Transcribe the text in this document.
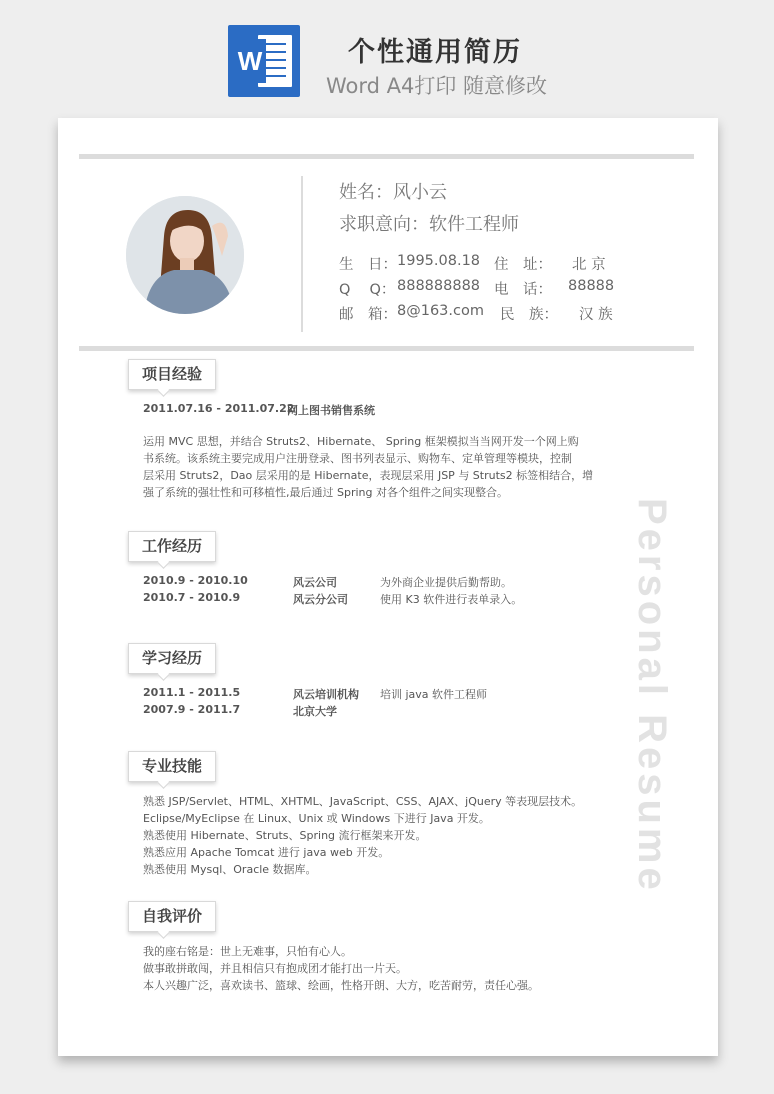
W	个性通用简历
Word A4打印 随意修改
姓名：风小云
求职意向：软件工程师
生　日： 1995.08.18 住　址： 北 京
Q　 Q： 888888888 电　话： 88888
邮　箱： 8@163.com 民　族： 汉 族
Personal Resume
项目经验
2011.07.16 - 2011.07.22
网上图书销售系统
运用 MVC 思想，并结合 Struts2、Hibernate、 Spring 框架模拟当当网开发一个网上购
书系统。该系统主要完成用户注册登录、图书列表显示、购物车、定单管理等模块，控制
层采用 Struts2，Dao 层采用的是 Hibernate，表现层采用 JSP 与 Struts2 标签相结合，增
强了系统的强壮性和可移植性,最后通过 Spring 对各个组件之间实现整合。
工作经历
2010.9 - 2010.10	风云公司	为外商企业提供后勤帮助。
2010.7 - 2010.9	风云分公司	使用 K3 软件进行表单录入。
学习经历
2011.1 - 2011.5	风云培训机构 培训 java 软件工程师
2007.9 - 2011.7	北京大学
专业技能
熟悉 JSP/Servlet、HTML、XHTML、JavaScript、CSS、AJAX、jQuery 等表现层技术。
Eclipse/MyEclipse 在 Linux、Unix 或 Windows 下进行 Java 开发。
熟悉使用 Hibernate、Struts、Spring 流行框架来开发。
熟悉应用 Apache Tomcat 进行 java web 开发。
熟悉使用 Mysql、Oracle 数据库。
自我评价
我的座右铭是：世上无难事，只怕有心人。
做事敢拼敢闯，并且相信只有抱成团才能打出一片天。
本人兴趣广泛，喜欢读书、篮球、绘画，性格开朗、大方，吃苦耐劳，责任心强。
